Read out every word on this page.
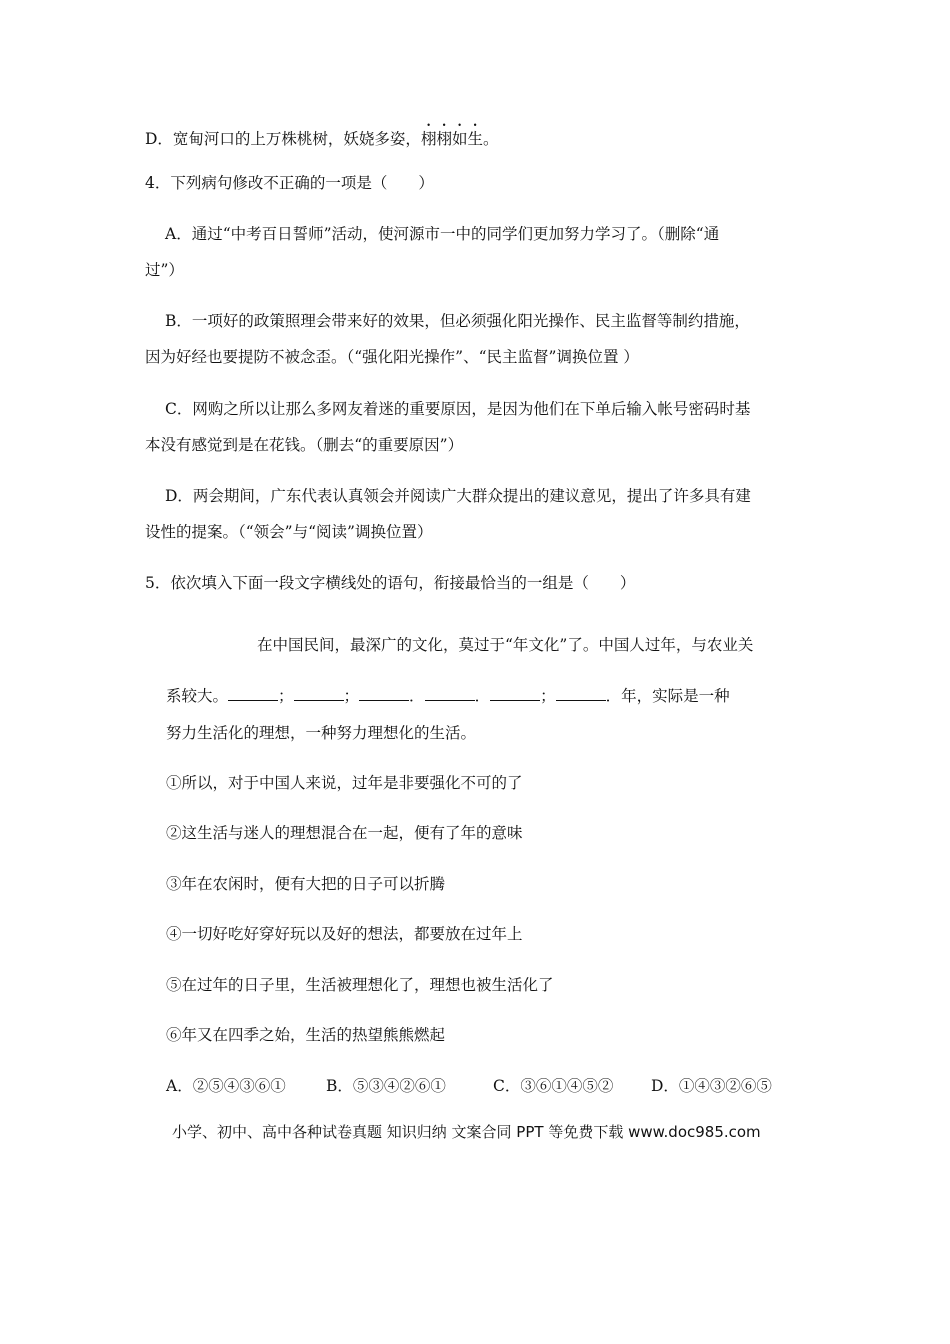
D．宽甸河口的上万株桃树，妖娆多姿，栩栩如生。
4．下列病句修改不正确的一项是（　　）
A．通过“中考百日誓师”活动，使河源市一中的同学们更加努力学习了。（删除“通
过”）
B．一项好的政策照理会带来好的效果，但必须强化阳光操作、民主监督等制约措施，
因为好经也要提防不被念歪。（“强化阳光操作”、“民主监督”调换位置 ）
C．网购之所以让那么多网友着迷的重要原因，是因为他们在下单后输入帐号密码时基
本没有感觉到是在花钱。（删去“的重要原因”）
D．两会期间，广东代表认真领会并阅读广大群众提出的建议意见，提出了许多具有建
设性的提案。（“领会”与“阅读”调换位置）
5．依次填入下面一段文字横线处的语句，衔接最恰当的一组是（　　）
在中国民间，最深广的文化，莫过于“年文化”了。中国人过年，与农业关
系较大。	；	；	．	．	；	．年，实际是一种
努力生活化的理想，一种努力理想化的生活。
①所以，对于中国人来说，过年是非要强化不可的了
②这生活与迷人的理想混合在一起，便有了年的意味
③年在农闲时，便有大把的日子可以折腾
④一切好吃好穿好玩以及好的想法，都要放在过年上
⑤在过年的日子里，生活被理想化了，理想也被生活化了
⑥年又在四季之始，生活的热望熊熊燃起
A．②⑤④③⑥①	B．⑤③④②⑥①	C．③⑥①④⑤② D．①④③②⑥⑤
小学、初中、高中各种试卷真题 知识归纳 文案合同 PPT 等免费下载 www.doc985.com
